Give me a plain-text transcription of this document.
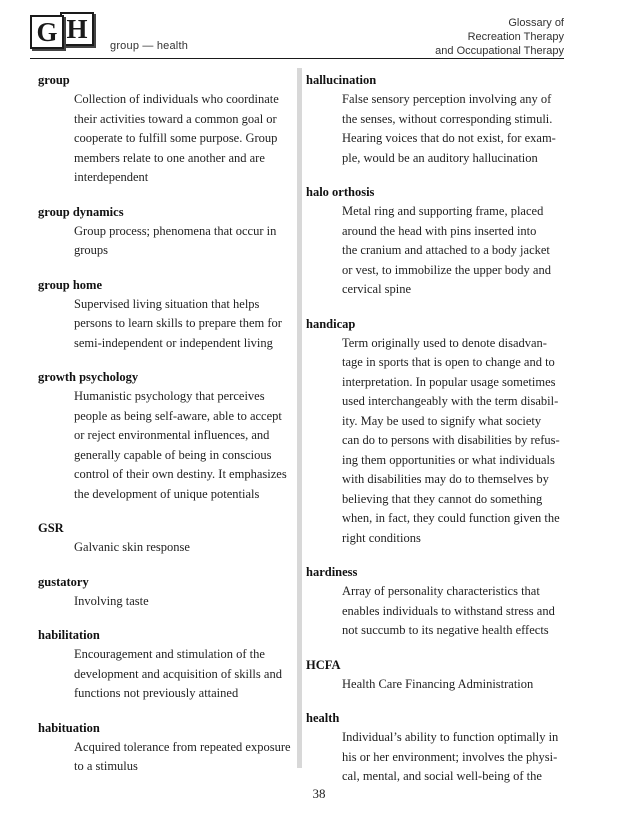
H
G	group — health
Glossary of
Recreation Therapy
and Occupational Therapy
group
Collection of individuals who coordinate
their activities toward a common goal or
cooperate to fulfill some purpose. Group
members relate to one another and are
interdependent
group dynamics
Group process; phenomena that occur in
groups
group home
Supervised living situation that helps
persons to learn skills to prepare them for
semi-independent or independent living
growth psychology
Humanistic psychology that perceives
people as being self-aware, able to accept
or reject environmental influences, and
generally capable of being in conscious
control of their own destiny. It emphasizes
the development of unique potentials
GSR
Galvanic skin response
gustatory
Involving taste
habilitation
Encouragement and stimulation of the
development and acquisition of skills and
functions not previously attained
habituation
Acquired tolerance from repeated exposure
to a stimulus
hallucination
False sensory perception involving any of
the senses, without corresponding stimuli.
Hearing voices that do not exist, for exam-
ple, would be an auditory hallucination
halo orthosis
Metal ring and supporting frame, placed
around the head with pins inserted into
the cranium and attached to a body jacket
or vest, to immobilize the upper body and
cervical spine
handicap
Term originally used to denote disadvan-
tage in sports that is open to change and to
interpretation. In popular usage sometimes
used interchangeably with the term disabil-
ity. May be used to signify what society
can do to persons with disabilities by refus-
ing them opportunities or what individuals
with disabilities may do to themselves by
believing that they cannot do something
when, in fact, they could function given the
right conditions
hardiness
Array of personality characteristics that
enables individuals to withstand stress and
not succumb to its negative health effects
HCFA
Health Care Financing Administration
health
Individual’s ability to function optimally in
his or her environment; involves the physi-
cal, mental, and social well-being of the
38
